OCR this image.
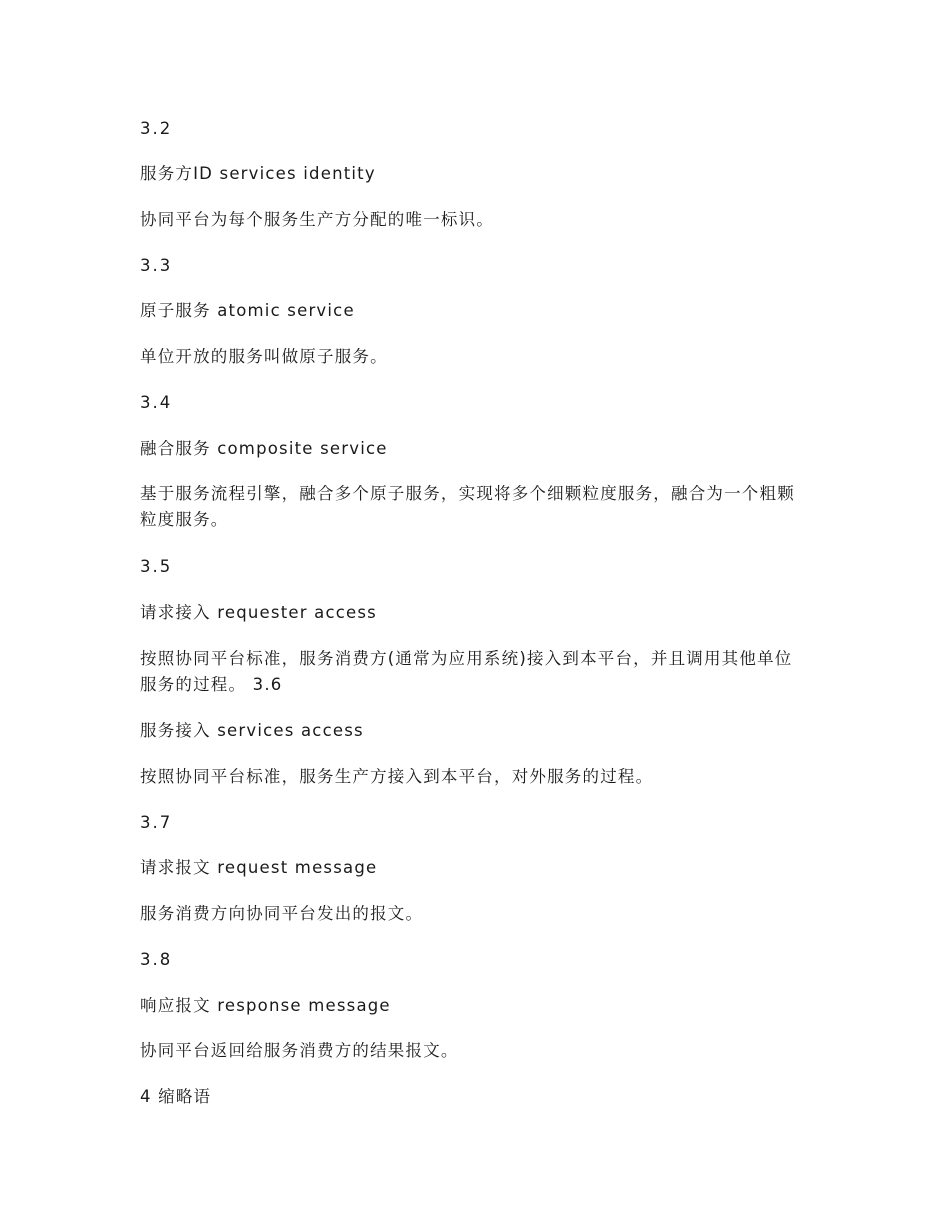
3.2

服务方ID services identity

协同平台为每个服务生产方分配的唯一标识。

3.3

原子服务 atomic service

单位开放的服务叫做原子服务。

3.4

融合服务 composite service

基于服务流程引擎，融合多个原子服务，实现将多个细颗粒度服务，融合为一个粗颗粒度服务。

3.5

请求接入 requester access

按照协同平台标准，服务消费方(通常为应用系统)接入到本平台，并且调用其他单位服务的过程。 3.6

服务接入 services access

按照协同平台标准，服务生产方接入到本平台，对外服务的过程。

3.7

请求报文 request message

服务消费方向协同平台发出的报文。

3.8

响应报文 response message

协同平台返回给服务消费方的结果报文。

4 缩略语
